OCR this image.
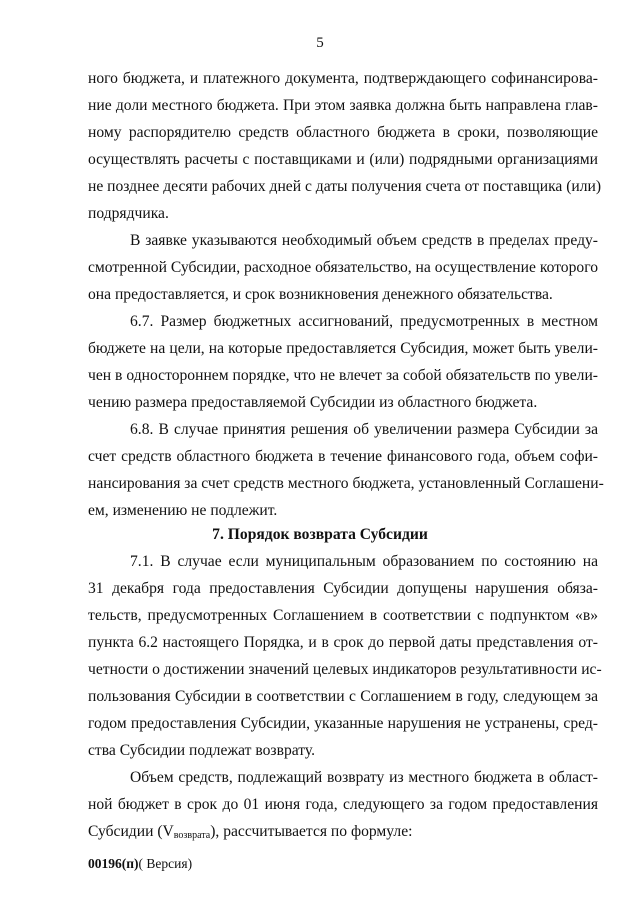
5
ного бюджета, и платежного документа, подтверждающего софинансирова-
ние доли местного бюджета. При этом заявка должна быть направлена глав-
ному распорядителю средств областного бюджета в сроки, позволяющие
осуществлять расчеты с поставщиками и (или) подрядными организациями
не позднее десяти рабочих дней с даты получения счета от поставщика (или)
подрядчика.
В заявке указываются необходимый объем средств в пределах преду-
смотренной Субсидии, расходное обязательство, на осуществление которого
она предоставляется, и срок возникновения денежного обязательства.
6.7. Размер бюджетных ассигнований, предусмотренных в местном
бюджете на цели, на которые предоставляется Субсидия, может быть увели-
чен в одностороннем порядке, что не влечет за собой обязательств по увели-
чению размера предоставляемой Субсидии из областного бюджета.
6.8. В случае принятия решения об увеличении размера Субсидии за
счет средств областного бюджета в течение финансового года, объем софи-
нансирования за счет средств местного бюджета, установленный Соглашени-
ем, изменению не подлежит.
7. Порядок возврата Субсидии
7.1. В случае если муниципальным образованием по состоянию на
31 декабря года предоставления Субсидии допущены нарушения обяза-
тельств, предусмотренных Соглашением в соответствии с подпунктом «в»
пункта 6.2 настоящего Порядка, и в срок до первой даты представления от-
четности о достижении значений целевых индикаторов результативности ис-
пользования Субсидии в соответствии с Соглашением в году, следующем за
годом предоставления Субсидии, указанные нарушения не устранены, сред-
ства Субсидии подлежат возврату.
Объем средств, подлежащий возврату из местного бюджета в област-
ной бюджет в срок до 01 июня года, следующего за годом предоставления
Субсидии $(V_{возврата})$, рассчитывается по формуле:
00196(п)( Версия)
